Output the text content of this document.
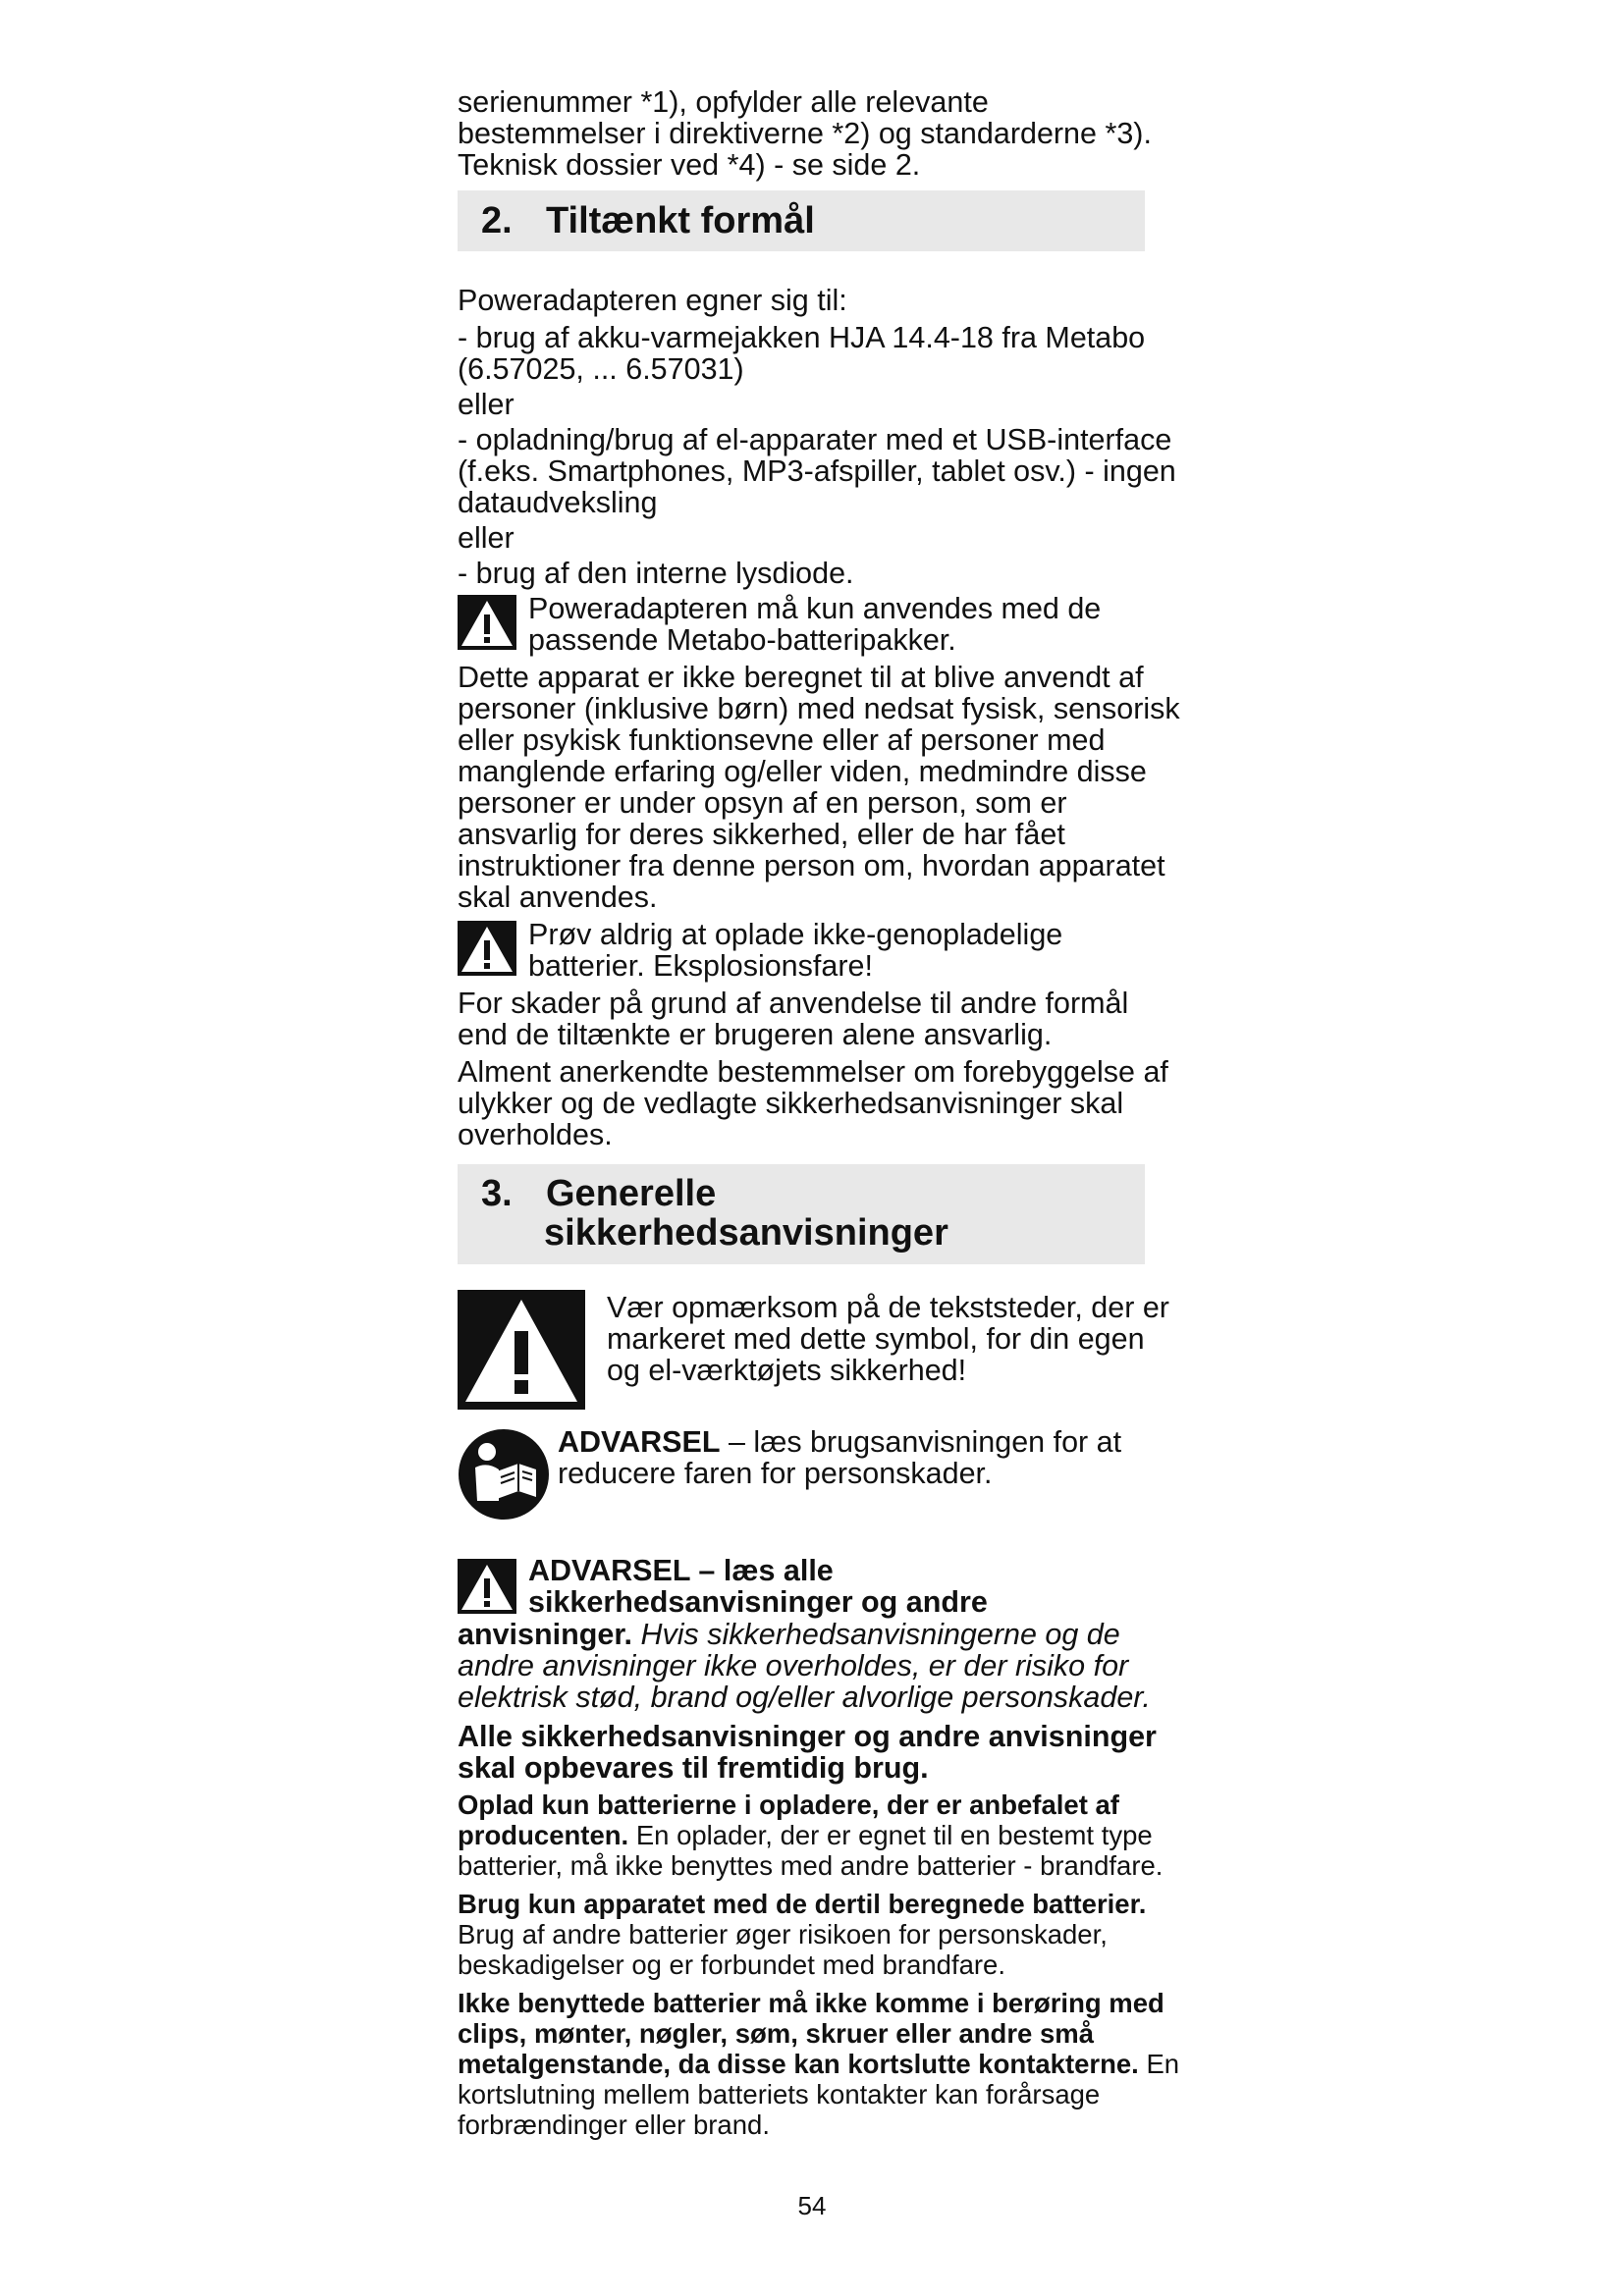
serienummer *1), opfylder alle relevante
bestemmelser i direktiverne *2) og standarderne *3).
Teknisk dossier ved *4) - se side 2.
2. Tiltænkt formål
Poweradapteren egner sig til:
- brug af akku-varmejakken HJA 14.4-18 fra Metabo (6.57025, ... 6.57031)
eller
- opladning/brug af el-apparater med et USB-interface (f.eks. Smartphones, MP3-afspiller, tablet osv.) - ingen dataudveksling
eller
- brug af den interne lysdiode.
Poweradapteren må kun anvendes med de passende Metabo-batteripakker.
Dette apparat er ikke beregnet til at blive anvendt af personer (inklusive børn) med nedsat fysisk, sensorisk eller psykisk funktionsevne eller af personer med manglende erfaring og/eller viden, medmindre disse personer er under opsyn af en person, som er ansvarlig for deres sikkerhed, eller de har fået instruktioner fra denne person om, hvordan apparatet skal anvendes.
Prøv aldrig at oplade ikke-genopladelige batterier. Eksplosionsfare!
For skader på grund af anvendelse til andre formål end de tiltænkte er brugeren alene ansvarlig.
Alment anerkendte bestemmelser om forebyggelse af ulykker og de vedlagte sikkerhedsanvisninger skal overholdes.
3. Generelle
sikkerhedsanvisninger
Vær opmærksom på de tekststeder, der er markeret med dette symbol, for din egen og el-værktøjets sikkerhed!
ADVARSEL – læs brugsanvisningen for at reducere faren for personskader.
ADVARSEL – læs alle
sikkerhedsanvisninger og andre
anvisninger. Hvis sikkerhedsanvisningerne og de andre anvisninger ikke overholdes, er der risiko for elektrisk stød, brand og/eller alvorlige personskader.
Alle sikkerhedsanvisninger og andre anvisninger skal opbevares til fremtidig brug.
Oplad kun batterierne i opladere, der er anbefalet af producenten. En oplader, der er egnet til en bestemt type batterier, må ikke benyttes med andre batterier - brandfare.
Brug kun apparatet med de dertil beregnede batterier. Brug af andre batterier øger risikoen for personskader, beskadigelser og er forbundet med brandfare.
Ikke benyttede batterier må ikke komme i berøring med clips, mønter, nøgler, søm, skruer eller andre små metalgenstande, da disse kan kortslutte kontakterne. En kortslutning mellem batteriets kontakter kan forårsage forbrændinger eller brand.
54
